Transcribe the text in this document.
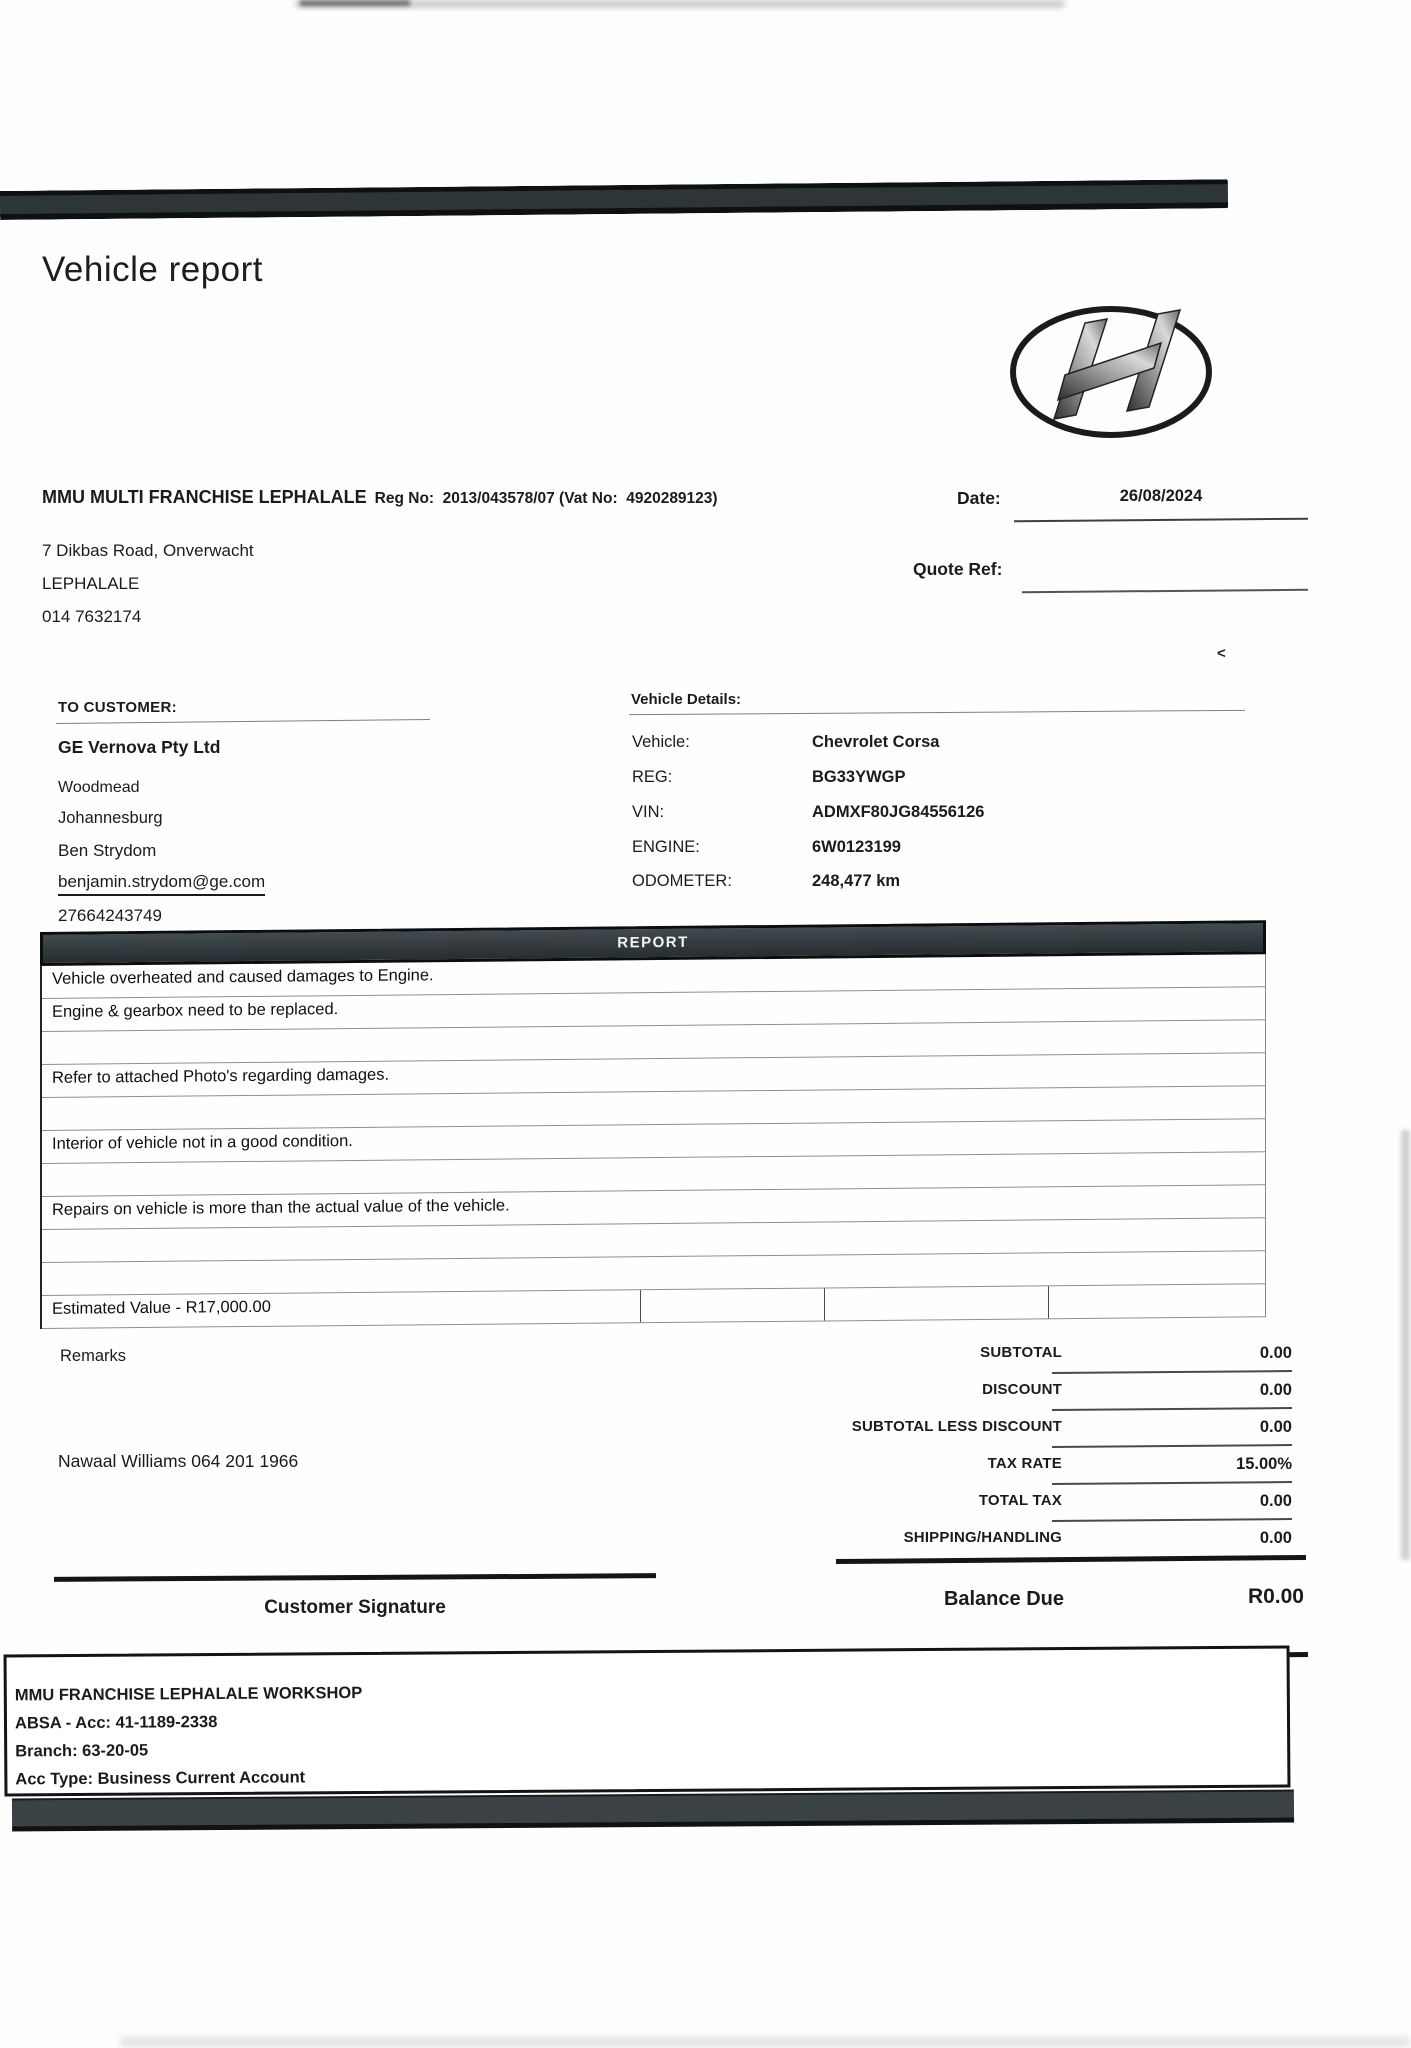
Vehicle report
MMU MULTI FRANCHISE LEPHALALE Reg No:  2013/043578/07 (Vat No:  4920289123)
7 Dikbas Road, Onverwacht
LEPHALALE
014 7632174
Date:	26/08/2024
Quote Ref:
<
TO CUSTOMER:
GE Vernova Pty Ltd
Woodmead
Johannesburg
Ben Strydom
benjamin.strydom@ge.com
27664243749
Vehicle Details:
Vehicle:	Chevrolet Corsa
REG:	BG33YWGP
VIN:	ADMXF80JG84556126
ENGINE:	6W0123199
ODOMETER:	248,477 km
REPORT
Vehicle overheated and caused damages to Engine.
Engine & gearbox need to be replaced.
Refer to attached Photo's regarding damages.
Interior of vehicle not in a good condition.
Repairs on vehicle is more than the actual value of the vehicle.
Estimated Value - R17,000.00
Remarks
Nawaal Williams 064 201 1966
SUBTOTAL	0.00
DISCOUNT	0.00
SUBTOTAL LESS DISCOUNT	0.00
TAX RATE	15.00%
TOTAL TAX	0.00
SHIPPING/HANDLING	0.00
Customer Signature	Balance Due	R0.00
MMU FRANCHISE LEPHALALE WORKSHOP
ABSA - Acc: 41-1189-2338
Branch: 63-20-05
Acc Type: Business Current Account
